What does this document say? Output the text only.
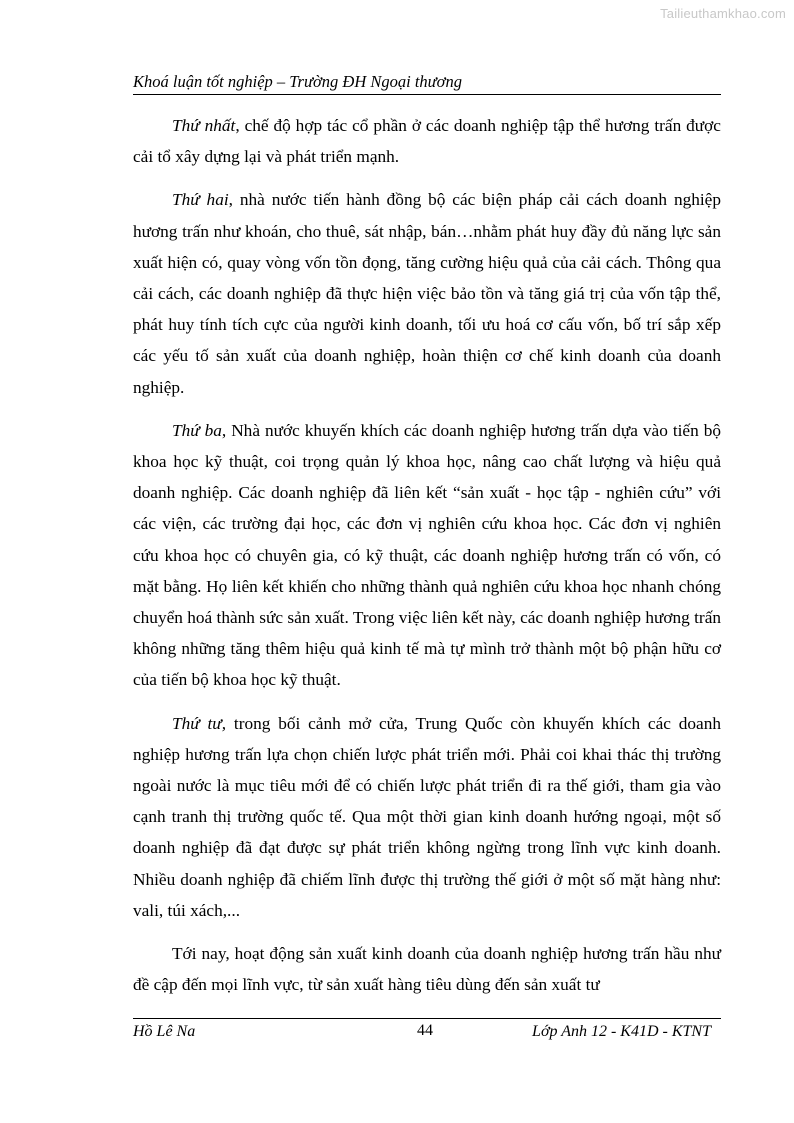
Tailieuthamkhao.com
Khoá luận tốt nghiệp – Trường ĐH Ngoại thương

Thứ nhất, chế độ hợp tác cổ phần ở các doanh nghiệp tập thể hương trấn được cải tổ xây dựng lại và phát triển mạnh.

Thứ hai, nhà nước tiến hành đồng bộ các biện pháp cải cách doanh nghiệp hương trấn như khoán, cho thuê, sát nhập, bán…nhằm phát huy đầy đủ năng lực sản xuất hiện có, quay vòng vốn tồn đọng, tăng cường hiệu quả của cải cách. Thông qua cải cách, các doanh nghiệp đã thực hiện việc bảo tồn và tăng giá trị của vốn tập thể, phát huy tính tích cực của người kinh doanh, tối ưu hoá cơ cấu vốn, bố trí sắp xếp các yếu tố sản xuất của doanh nghiệp, hoàn thiện cơ chế kinh doanh của doanh nghiệp.

Thứ ba, Nhà nước khuyến khích các doanh nghiệp hương trấn dựa vào tiến bộ khoa học kỹ thuật, coi trọng quản lý khoa học, nâng cao chất lượng và hiệu quả doanh nghiệp. Các doanh nghiệp đã liên kết “sản xuất - học tập - nghiên cứu” với các viện, các trường đại học, các đơn vị nghiên cứu khoa học. Các đơn vị nghiên cứu khoa học có chuyên gia, có kỹ thuật, các doanh nghiệp hương trấn có vốn, có mặt bằng. Họ liên kết khiến cho những thành quả nghiên cứu khoa học nhanh chóng chuyển hoá thành sức sản xuất. Trong việc liên kết này, các doanh nghiệp hương trấn không những tăng thêm hiệu quả kinh tế mà tự mình trở thành một bộ phận hữu cơ của tiến bộ khoa học kỹ thuật.

Thứ tư, trong bối cảnh mở cửa, Trung Quốc còn khuyến khích các doanh nghiệp hương trấn lựa chọn chiến lược phát triển mới. Phải coi khai thác thị trường ngoài nước là mục tiêu mới để có chiến lược phát triển đi ra thế giới, tham gia vào cạnh tranh thị trường quốc tế. Qua một thời gian kinh doanh hướng ngoại, một số doanh nghiệp đã đạt được sự phát triển không ngừng trong lĩnh vực kinh doanh. Nhiều doanh nghiệp đã chiếm lĩnh được thị trường thế giới ở một số mặt hàng như: vali, túi xách,...

Tới nay, hoạt động sản xuất kinh doanh của doanh nghiệp hương trấn hầu như đề cập đến mọi lĩnh vực, từ sản xuất hàng tiêu dùng đến sản xuất tư

Hồ Lê Na	44	Lớp Anh 12 - K41D - KTNT
